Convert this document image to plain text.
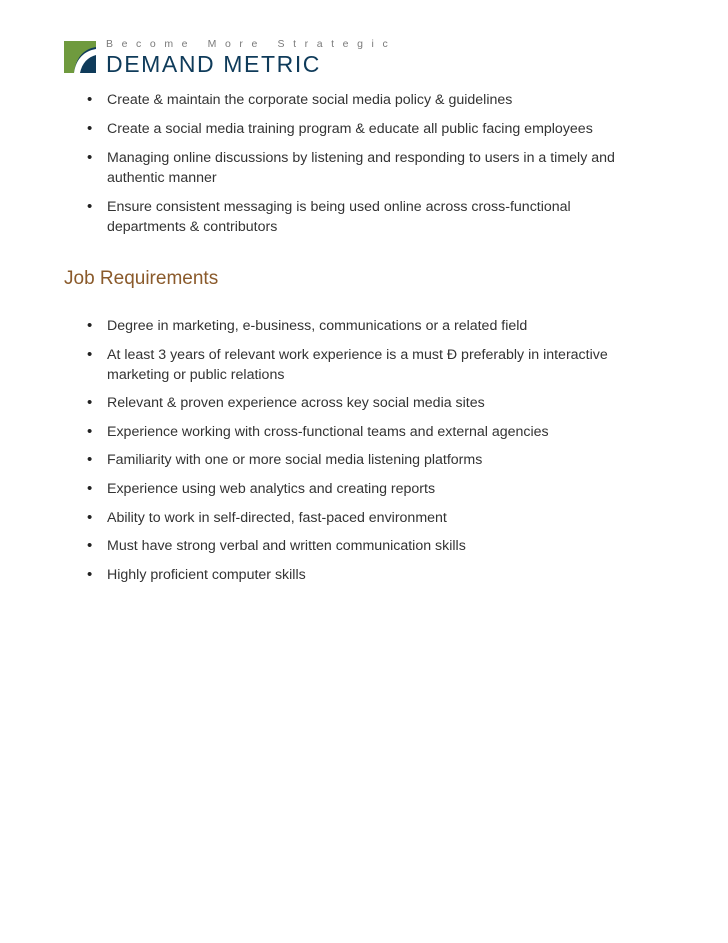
Become More Strategic
DEMAND METRIC
• Create & maintain the corporate social media policy & guidelines
• Create a social media training program & educate all public facing employees
• Managing online discussions by listening and responding to users in a timely and authentic manner
• Ensure consistent messaging is being used online across cross-functional departments & contributors
Job Requirements
• Degree in marketing, e-business, communications or a related field
• At least 3 years of relevant work experience is a must Ð preferably in interactive marketing or public relations
• Relevant & proven experience across key social media sites
• Experience working with cross-functional teams and external agencies
• Familiarity with one or more social media listening platforms
• Experience using web analytics and creating reports
• Ability to work in self-directed, fast-paced environment
• Must have strong verbal and written communication skills
• Highly proficient computer skills
